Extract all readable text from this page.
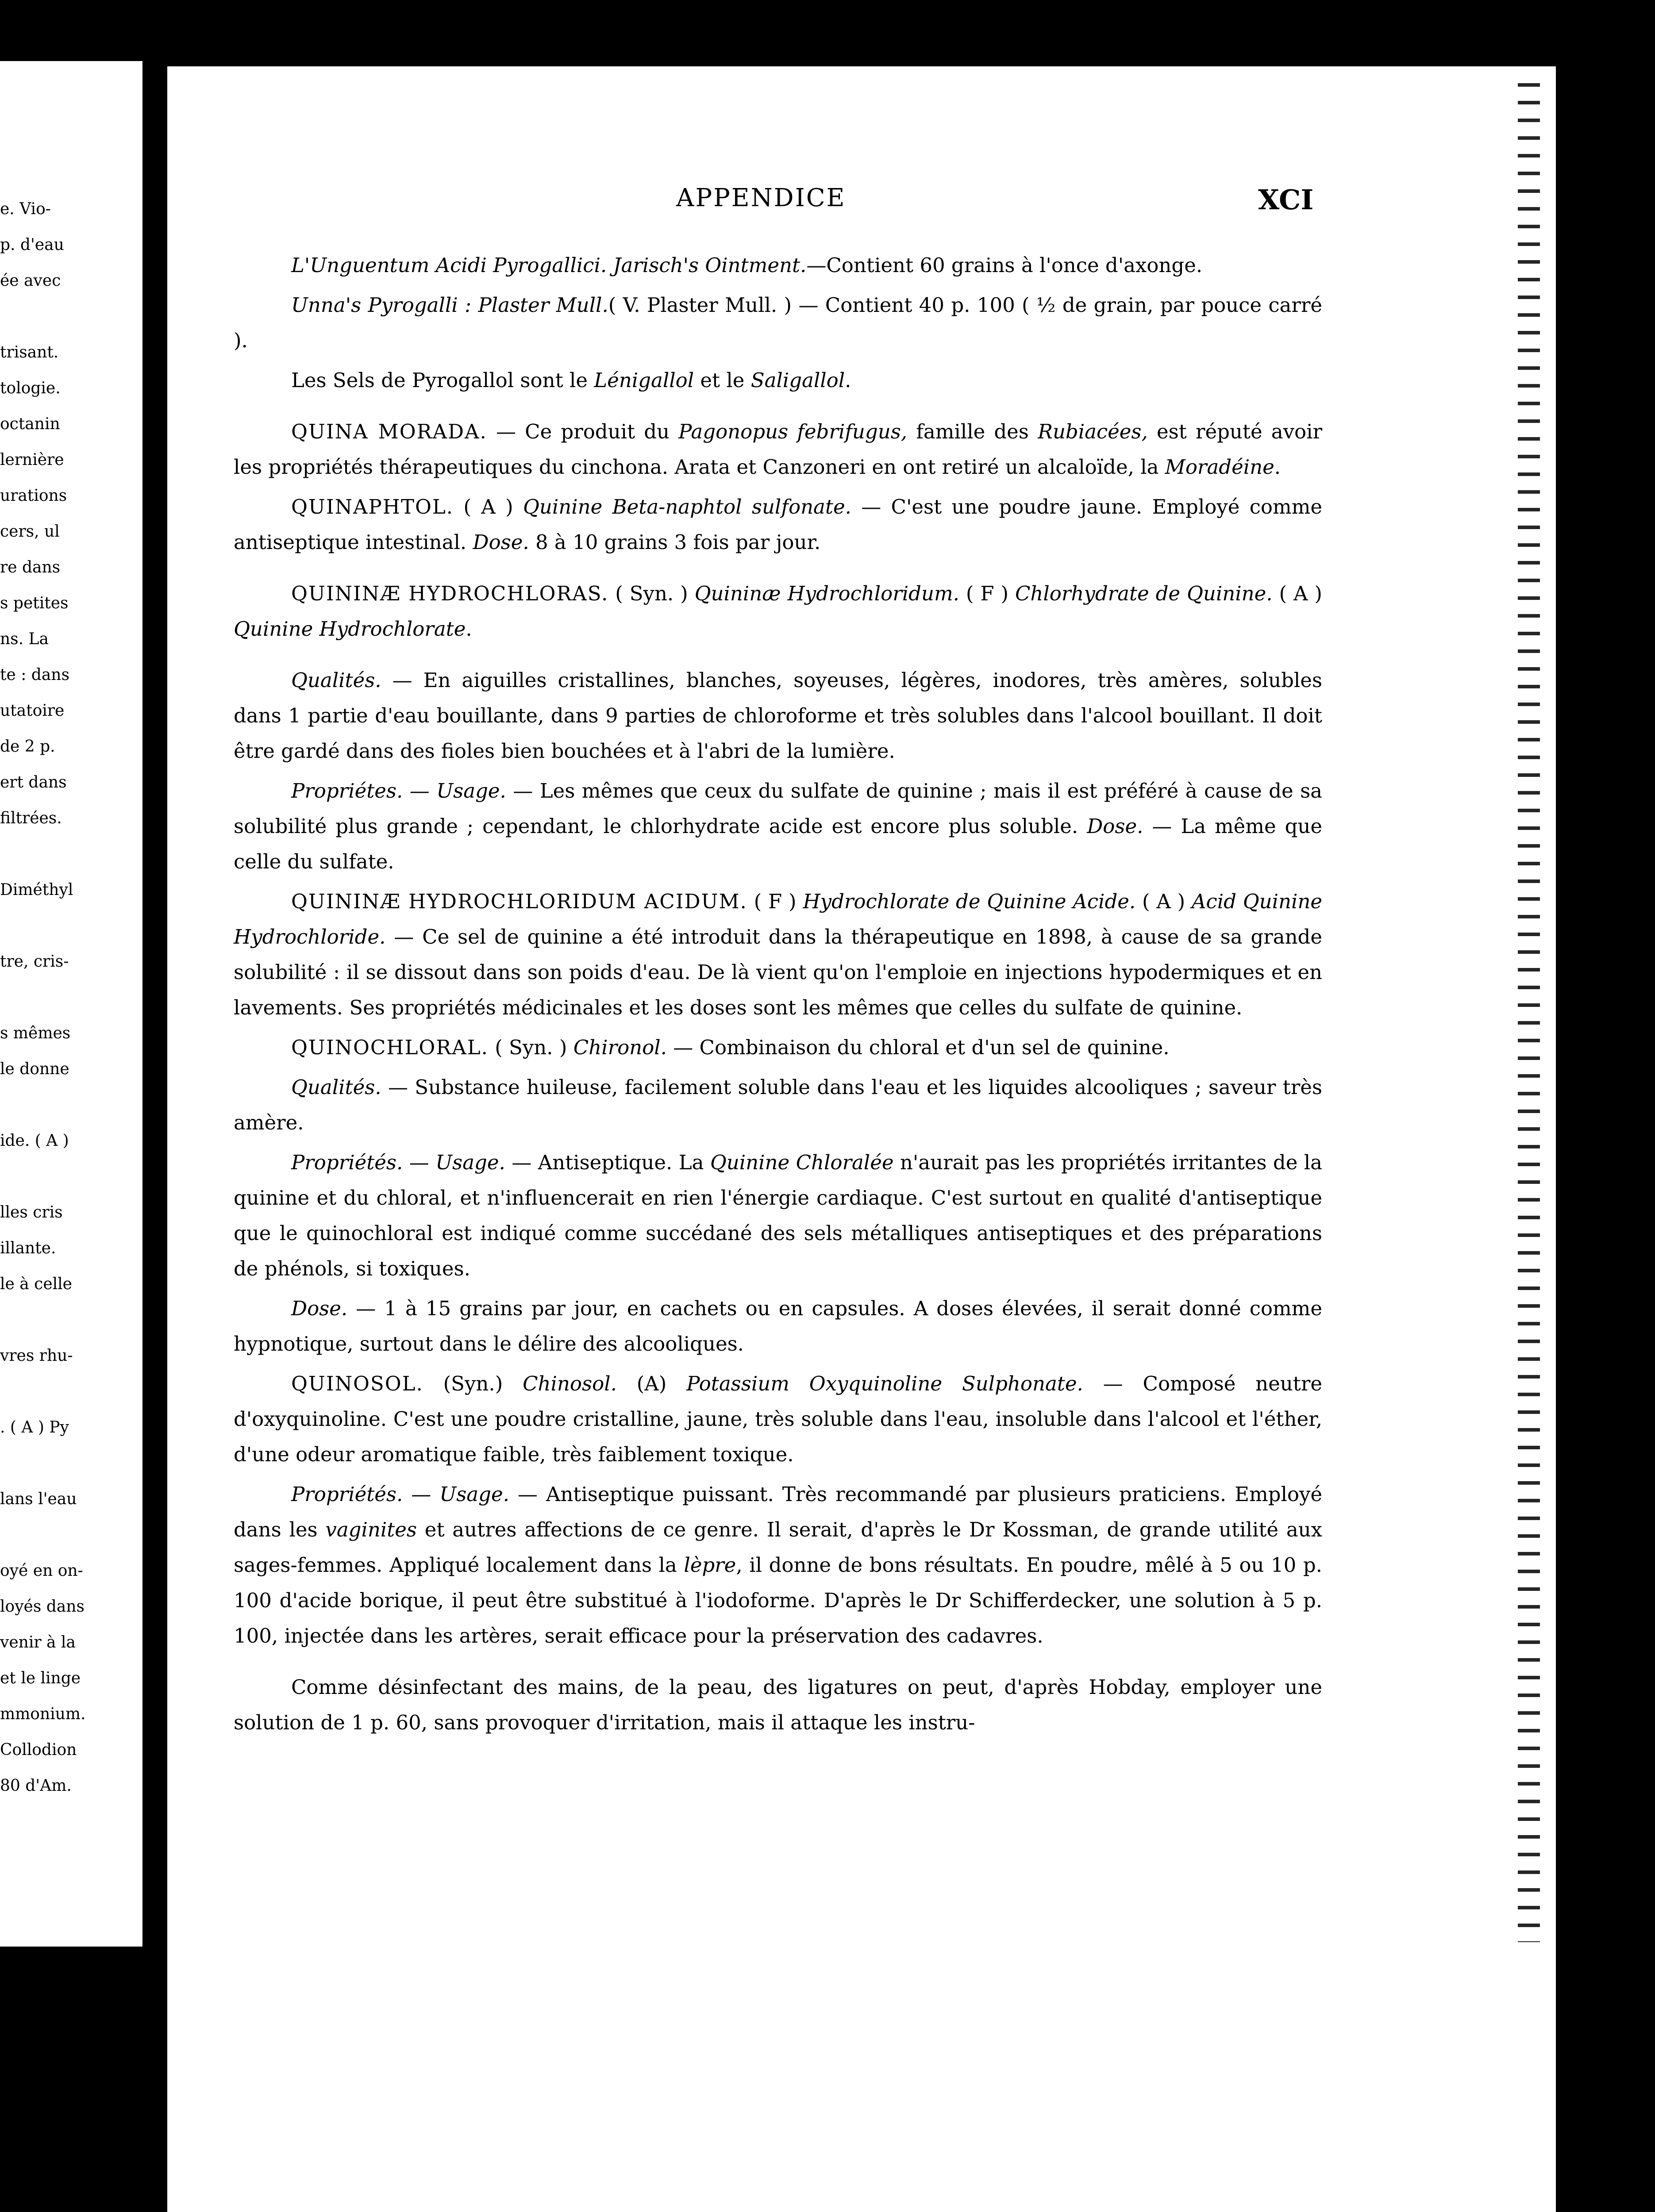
e. Vio-
p. d'eau
ée avec
trisant.
tologie.
octanin
lernière
urations
cers, ul
re dans
s petites
ns. La
te : dans
utatoire
de 2 p.
ert dans
filtrées.
Diméthyl
tre, cris-
s mêmes
le donne
ide. ( A )
lles cris
illante.
le à celle
vres rhu-
. ( A ) Py
lans l'eau
oyé en on-
loyés dans
venir à la
et le linge
mmonium.
Collodion
80 d'Am.
APPENDICE	XCI

L'Unguentum Acidi Pyrogallici. Jarisch's Ointment.—Contient 60 grains à l'once d'axonge.

Unna's Pyrogalli : Plaster Mull.( V. Plaster Mull. ) — Contient 40 p. 100 ( ½ de grain, par pouce carré ).

Les Sels de Pyrogallol sont le Lénigallol et le Saligallol.

QUINA MORADA. — Ce produit du Pagonopus febrifugus, famille des Rubiacées, est réputé avoir les propriétés thérapeutiques du cinchona. Arata et Canzoneri en ont retiré un alcaloïde, la Moradéine.

QUINAPHTOL. ( A ) Quinine Beta-naphtol sulfonate. — C'est une poudre jaune. Employé comme antiseptique intestinal. Dose. 8 à 10 grains 3 fois par jour.

QUININÆ HYDROCHLORAS. ( Syn. ) Quininæ Hydrochloridum. ( F ) Chlorhydrate de Quinine. ( A ) Quinine Hydrochlorate.

Qualités. — En aiguilles cristallines, blanches, soyeuses, légères, inodores, très amères, solubles dans 1 partie d'eau bouillante, dans 9 parties de chloroforme et très solubles dans l'alcool bouillant. Il doit être gardé dans des fioles bien bouchées et à l'abri de la lumière.

Propriétes. — Usage. — Les mêmes que ceux du sulfate de quinine ; mais il est préféré à cause de sa solubilité plus grande ; cependant, le chlorhydrate acide est encore plus soluble. Dose. — La même que celle du sulfate.

QUININÆ HYDROCHLORIDUM ACIDUM. ( F ) Hydrochlorate de Quinine Acide. ( A ) Acid Quinine Hydrochloride. — Ce sel de quinine a été introduit dans la thérapeutique en 1898, à cause de sa grande solubilité : il se dissout dans son poids d'eau. De là vient qu'on l'emploie en injections hypodermiques et en lavements. Ses propriétés médicinales et les doses sont les mêmes que celles du sulfate de quinine.

QUINOCHLORAL. ( Syn. ) Chironol. — Combinaison du chloral et d'un sel de quinine.

Qualités. — Substance huileuse, facilement soluble dans l'eau et les liquides alcooliques ; saveur très amère.

Propriétés. — Usage. — Antiseptique. La Quinine Chloralée n'aurait pas les propriétés irritantes de la quinine et du chloral, et n'influencerait en rien l'énergie cardiaque. C'est surtout en qualité d'antiseptique que le quinochloral est indiqué comme succédané des sels métalliques antiseptiques et des préparations de phénols, si toxiques.

Dose. — 1 à 15 grains par jour, en cachets ou en capsules. A doses élevées, il serait donné comme hypnotique, surtout dans le délire des alcooliques.

QUINOSOL. (Syn.) Chinosol. (A) Potassium Oxyquinoline Sulphonate. — Composé neutre d'oxyquinoline. C'est une poudre cristalline, jaune, très soluble dans l'eau, insoluble dans l'alcool et l'éther, d'une odeur aromatique faible, très faiblement toxique.

Propriétés. — Usage. — Antiseptique puissant. Très recommandé par plusieurs praticiens. Employé dans les vaginites et autres affections de ce genre. Il serait, d'après le Dr Kossman, de grande utilité aux sages-femmes. Appliqué localement dans la lèpre, il donne de bons résultats. En poudre, mêlé à 5 ou 10 p. 100 d'acide borique, il peut être substitué à l'iodoforme. D'après le Dr Schifferdecker, une solution à 5 p. 100, injectée dans les artères, serait efficace pour la préservation des cadavres.

Comme désinfectant des mains, de la peau, des ligatures on peut, d'après Hobday, employer une solution de 1 p. 60, sans provoquer d'irritation, mais il attaque les instru-
